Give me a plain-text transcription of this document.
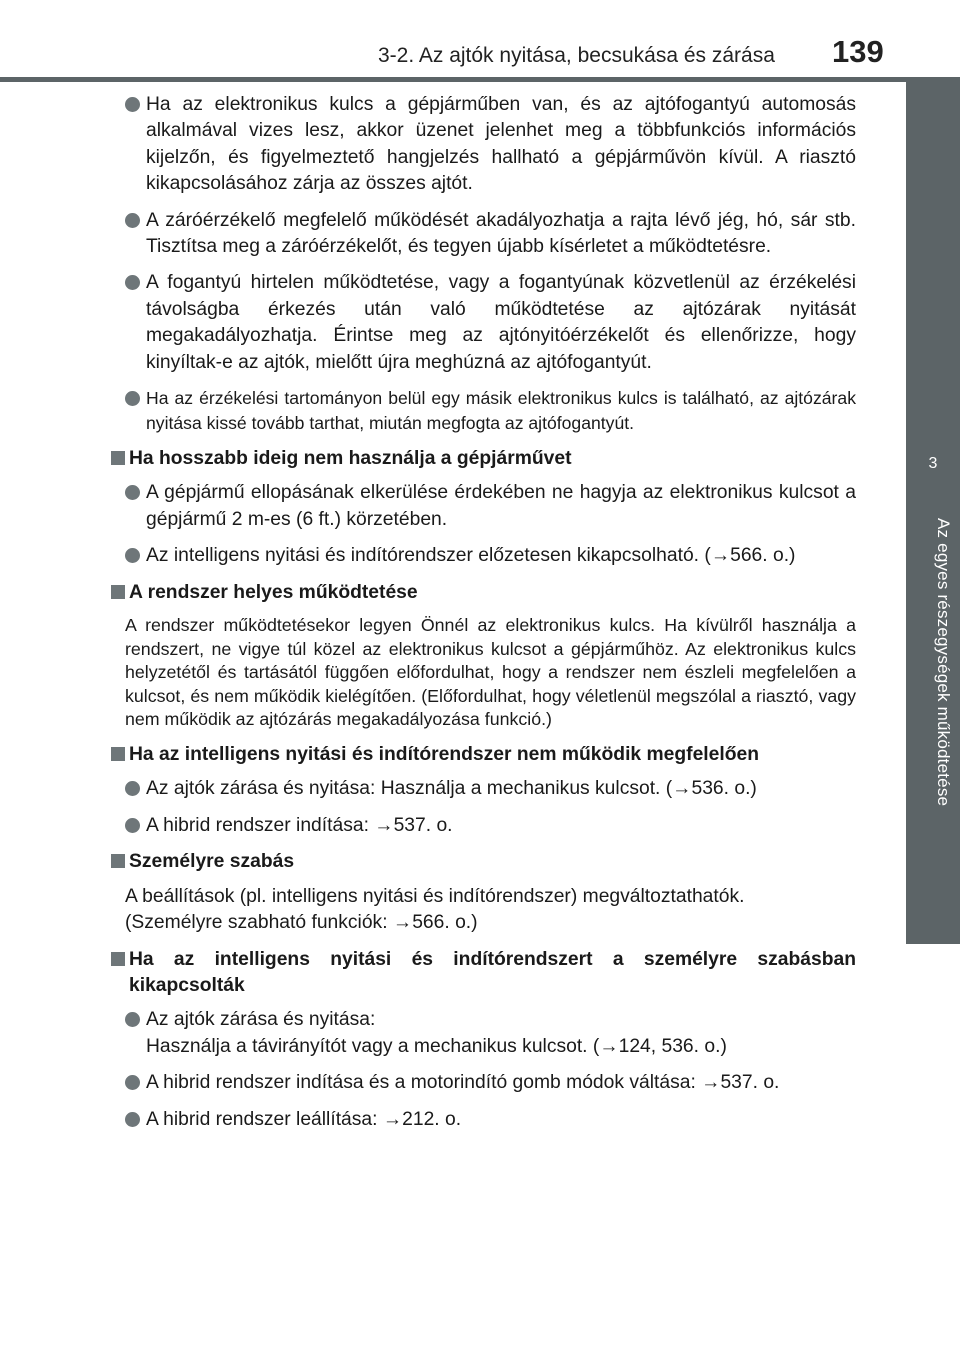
3-2. Az ajtók nyitása, becsukása és zárása 139
3
Az egyes részegységek működtetése
Ha az elektronikus kulcs a gépjárműben van, és az ajtófogantyú automosás alkalmával vizes lesz, akkor üzenet jelenhet meg a többfunkciós információs kijelzőn, és figyelmeztető hangjelzés hallható a gépjárművön kívül. A riasztó kikapcsolásához zárja az összes ajtót.
A záróérzékelő megfelelő működését akadályozhatja a rajta lévő jég, hó, sár stb. Tisztítsa meg a záróérzékelőt, és tegyen újabb kísérletet a működtetésre.
A fogantyú hirtelen működtetése, vagy a fogantyúnak közvetlenül az érzékelési távolságba érkezés után való működtetése az ajtózárak nyitását megakadályozhatja. Érintse meg az ajtónyitóérzékelőt és ellenőrizze, hogy kinyíltak-e az ajtók, mielőtt újra meghúzná az ajtófogantyút.
Ha az érzékelési tartományon belül egy másik elektronikus kulcs is található, az ajtózárak nyitása kissé tovább tarthat, miután megfogta az ajtófogantyút.
Ha hosszabb ideig nem használja a gépjárművet
A gépjármű ellopásának elkerülése érdekében ne hagyja az elektronikus kulcsot a gépjármű 2 m-es (6 ft.) körzetében.
Az intelligens nyitási és indítórendszer előzetesen kikapcsolható. (→566. o.)
A rendszer helyes működtetése
A rendszer működtetésekor legyen Önnél az elektronikus kulcs. Ha kívülről használja a rendszert, ne vigye túl közel az elektronikus kulcsot a gépjárműhöz. Az elektronikus kulcs helyzetétől és tartásától függően előfordulhat, hogy a rendszer nem észleli megfelelően a kulcsot, és nem működik kielégítően. (Előfordulhat, hogy véletlenül megszólal a riasztó, vagy nem működik az ajtózárás megakadályozása funkció.)
Ha az intelligens nyitási és indítórendszer nem működik megfelelően
Az ajtók zárása és nyitása: Használja a mechanikus kulcsot. (→536. o.)
A hibrid rendszer indítása: →537. o.
Személyre szabás
A beállítások (pl. intelligens nyitási és indítórendszer) megváltoztathatók.
(Személyre szabható funkciók: →566. o.)
Ha az intelligens nyitási és indítórendszert a személyre szabásban kikapcsolták
Az ajtók zárása és nyitása:
Használja a távirányítót vagy a mechanikus kulcsot. (→124, 536. o.)
A hibrid rendszer indítása és a motorindító gomb módok váltása: →537. o.
A hibrid rendszer leállítása: →212. o.
